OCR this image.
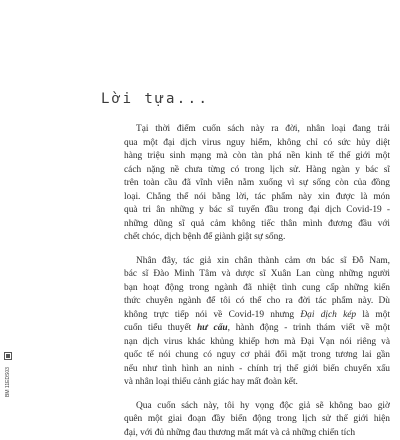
Lời tựa...

Tại thời điểm cuốn sách này ra đời, nhân loại đang trải
qua một đại dịch virus nguy hiểm, không chỉ có sức hủy diệt
hàng triệu sinh mạng mà còn tàn phá nền kinh tế thế giới một
cách nặng nề chưa từng có trong lịch sử. Hàng ngàn y bác sĩ
trên toàn cầu đã vĩnh viễn nằm xuống vì sự sống còn của đồng
loại. Chẳng thể nói bằng lời, tác phẩm này xin được là món
quà tri ân những y bác sĩ tuyến đầu trong đại dịch Covid-19 -
những dũng sĩ quả cảm không tiếc thân mình đương đầu với
chết chóc, dịch bệnh để giành giật sự sống.

Nhân đây, tác giả xin chân thành cảm ơn bác sĩ Đỗ Nam,
bác sĩ Đào Minh Tâm và dược sĩ Xuân Lan cùng những người
bạn hoạt động trong ngành đã nhiệt tình cung cấp những kiến
thức chuyên ngành để tôi có thể cho ra đời tác phẩm này. Dù
không trực tiếp nói về Covid-19 nhưng Đại dịch kép là một
cuốn tiểu thuyết hư cấu, hành động - trinh thám viết về một
nạn dịch virus khác khủng khiếp hơn mà Đại Vạn nói riêng và
quốc tế nói chung có nguy cơ phải đối mặt trong tương lai gần
nếu như tình hình an ninh - chính trị thế giới biến chuyển xấu
và nhân loại thiếu cảnh giác hay mất đoàn kết.

Qua cuốn sách này, tôi hy vọng độc giả sẽ không bao giờ
quên một giai đoạn đầy biến động trong lịch sử thế giới hiện
đại, với đủ những đau thương mất mát và cả những chiến tích

BM 11EDS03
